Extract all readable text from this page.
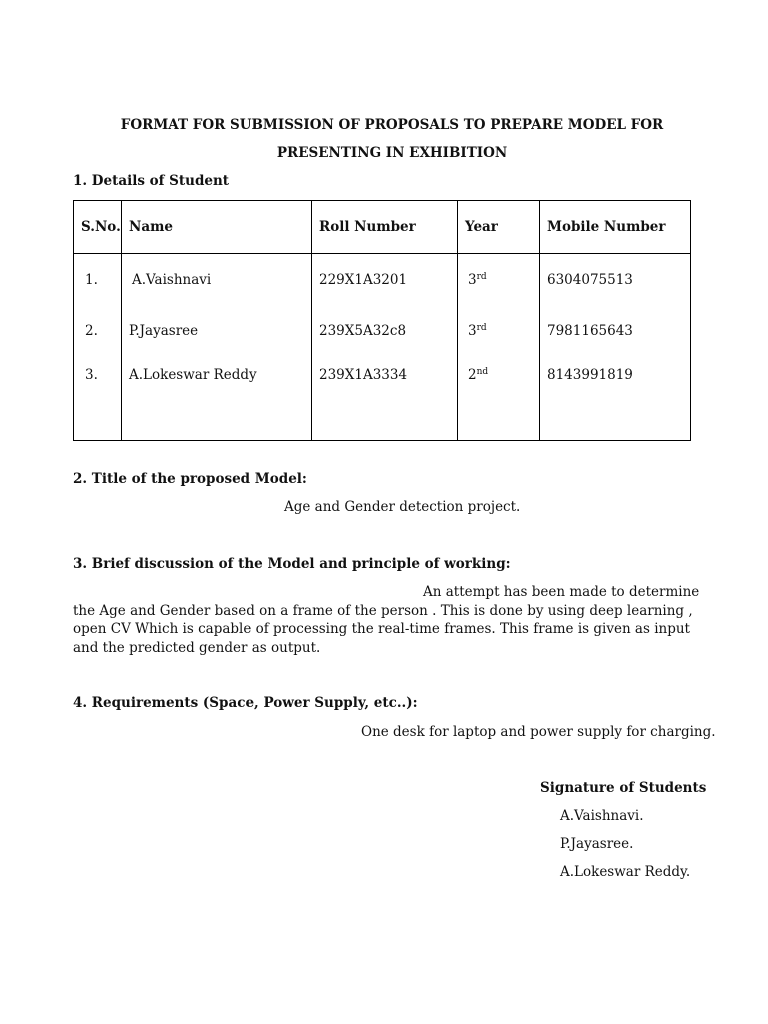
FORMAT FOR SUBMISSION OF PROPOSALS TO PREPARE MODEL FOR
PRESENTING IN EXHIBITION
1. Details of Student
S.No.	Name	Roll Number	Year	Mobile Number
1.	A.Vaishnavi	229X1A3201	3rd	6304075513
2.	P.Jayasree	239X5A32c8	3rd	7981165643
3.	A.Lokeswar Reddy	239X1A3334	2nd	8143991819
2. Title of the proposed Model:
Age and Gender detection project.
3. Brief discussion of the Model and principle of working:
An attempt has been made to determine
the Age and Gender based on a frame of the person . This is done by using deep learning , open CV Which is capable of processing the real-time frames. This frame is given as input and the predicted gender as output.
4. Requirements (Space, Power Supply, etc..):
One desk for laptop and power supply for charging.
Signature of Students
A.Vaishnavi.
P.Jayasree.
A.Lokeswar Reddy.
